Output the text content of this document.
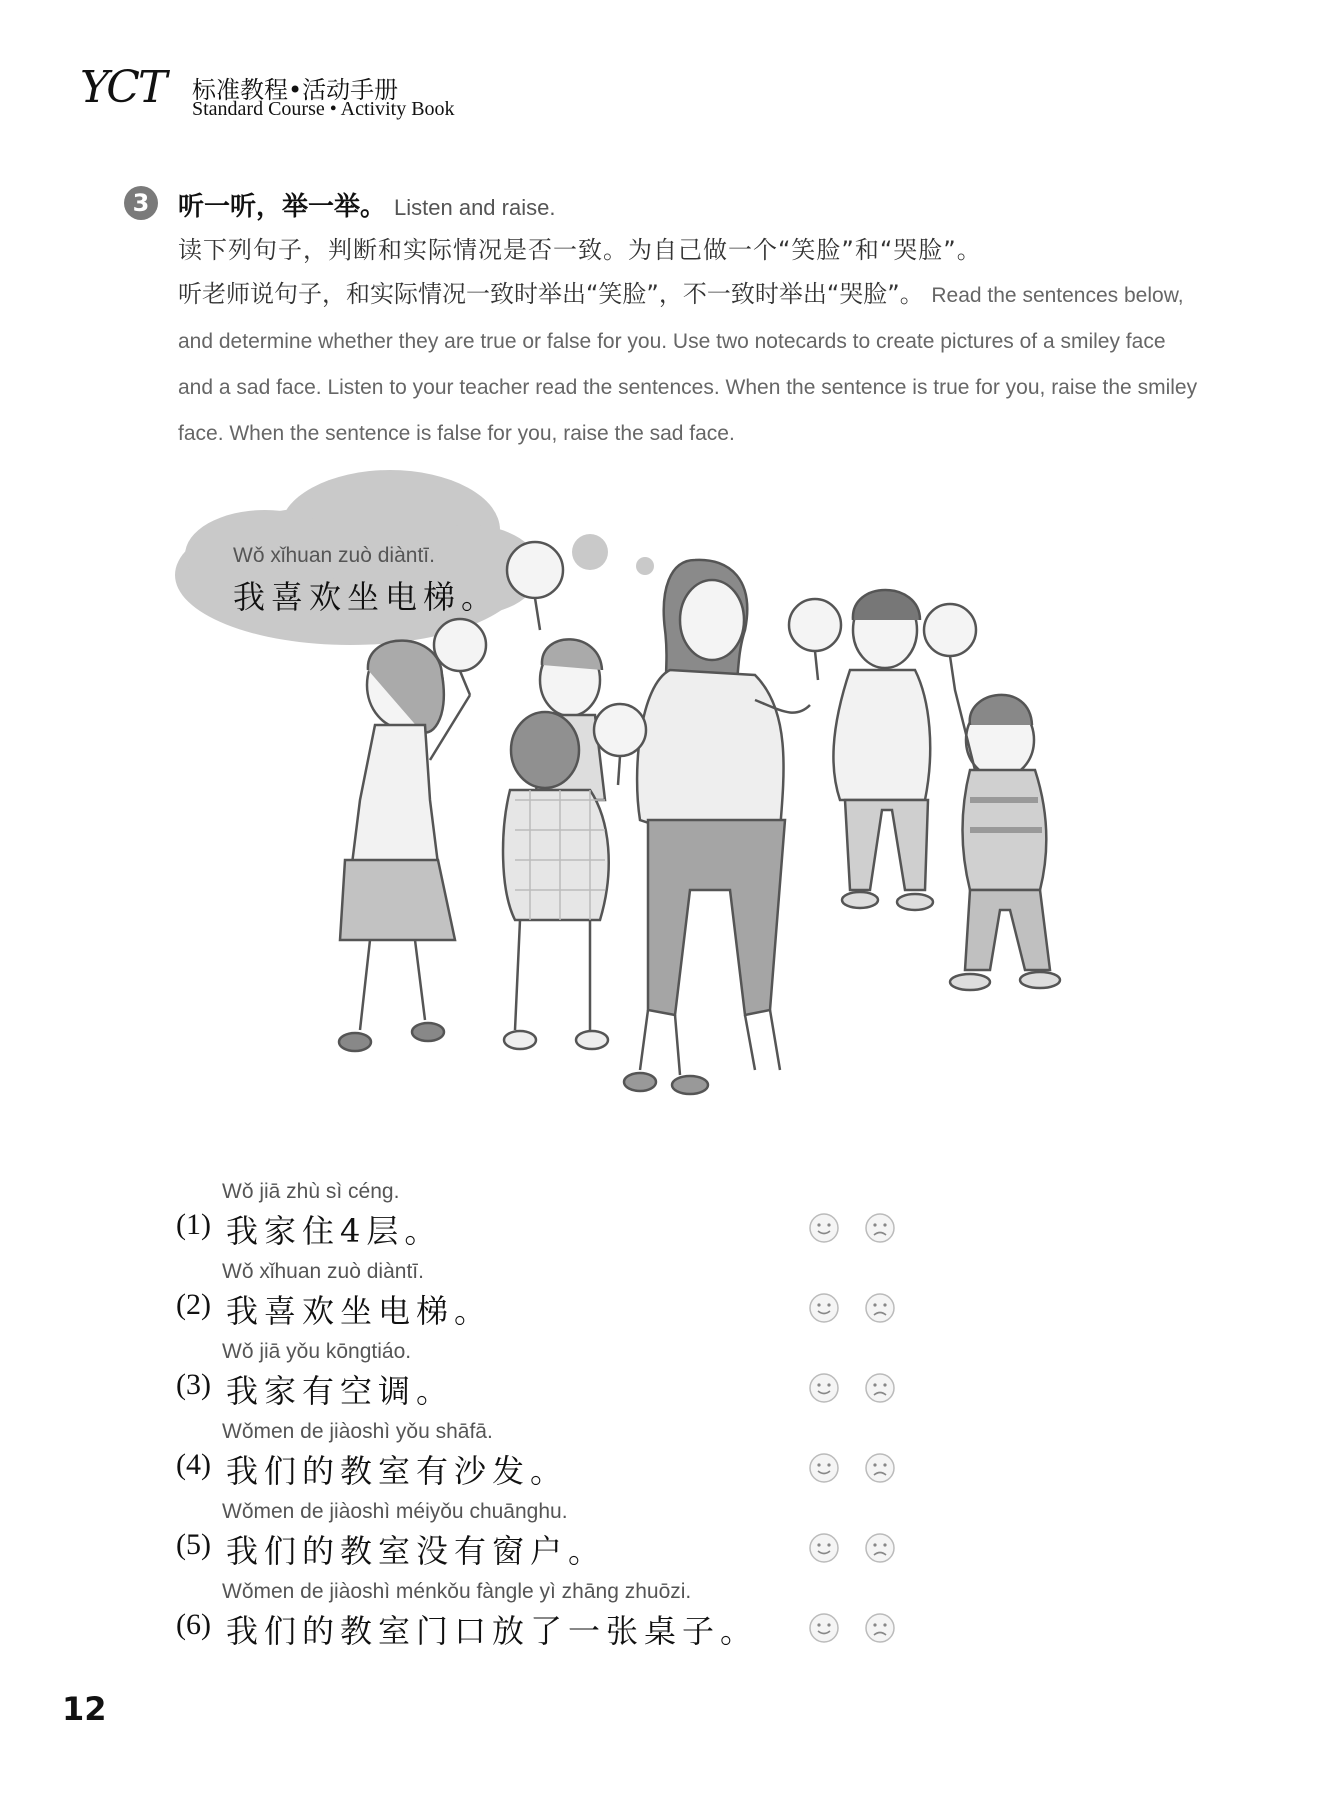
YCT 标准教程•活动手册
Standard Course • Activity Book
3	听一听，举一举。 Listen and raise.
读下列句子，判断和实际情况是否一致。为自己做一个“笑脸”和“哭脸”。
听老师说句子，和实际情况一致时举出“笑脸”，不一致时举出“哭脸”。 Read the sentences below, and determine whether they are true or false for you. Use two notecards to create pictures of a smiley face and a sad face. Listen to your teacher read the sentences. When the sentence is true for you, raise the smiley face. When the sentence is false for you, raise the sad face.
Wǒ xǐhuan zuò diàntī.
我喜欢坐电梯。
Wǒ jiā zhù sì céng.
(1) 我家住4层。
Wǒ xǐhuan zuò diàntī.
(2) 我喜欢坐电梯。
Wǒ jiā yǒu kōngtiáo.
(3) 我家有空调。
Wǒmen de jiàoshì yǒu shāfā.
(4) 我们的教室有沙发。
Wǒmen de jiàoshì méiyǒu chuānghu.
(5) 我们的教室没有窗户。
Wǒmen de jiàoshì ménkǒu fàngle yì zhāng zhuōzi.
(6) 我们的教室门口放了一张桌子。
12
